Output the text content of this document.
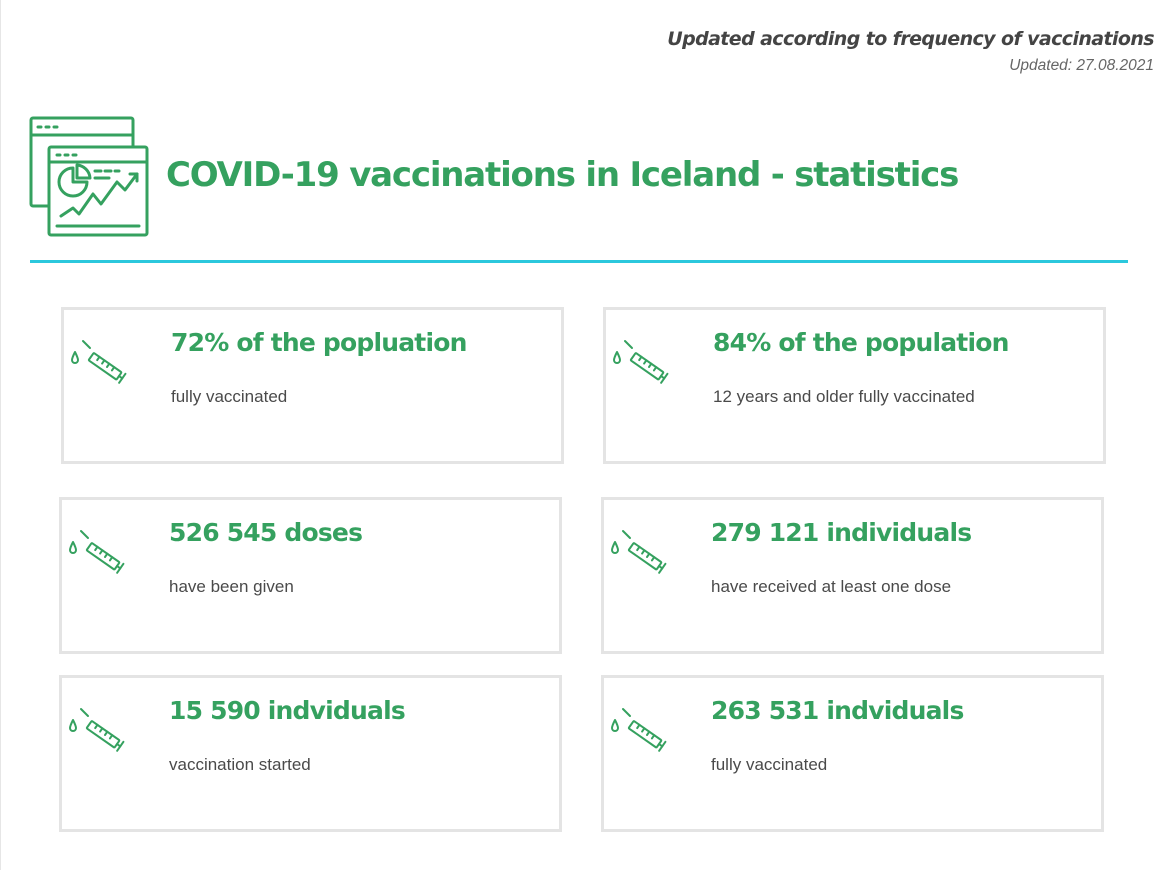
Updated according to frequency of vaccinations
Updated: 27.08.2021
COVID-19 vaccinations in Iceland - statistics
72% of the popluation
fully vaccinated
84% of the population
12 years and older fully vaccinated
526 545 doses
have been given
279 121 individuals
have received at least one dose
15 590 indviduals
vaccination started
263 531 indviduals
fully vaccinated
